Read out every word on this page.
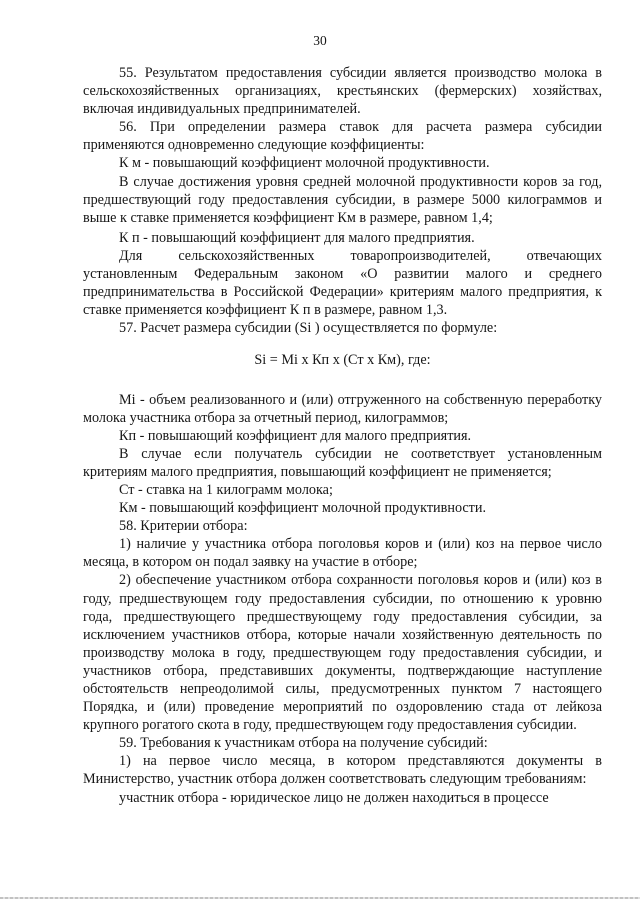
30

55. Результатом предоставления субсидии является производство молока в сельскохозяйственных организациях, крестьянских (фермерских) хозяйствах, включая индивидуальных предпринимателей.

56. При определении размера ставок для расчета размера субсидии применяются одновременно следующие коэффициенты:

К м - повышающий коэффициент молочной продуктивности.

В случае достижения уровня средней молочной продуктивности коров за год, предшествующий году предоставления субсидии, в размере 5000 килограммов и выше к ставке применяется коэффициент Км в размере, равном 1,4;

К п - повышающий коэффициент для малого предприятия.

Для сельскохозяйственных товаропроизводителей, отвечающих установленным Федеральным законом «О развитии малого и среднего предпринимательства в Российской Федерации» критериям малого предприятия, к ставке применяется коэффициент К п в размере, равном 1,3.

57. Расчет размера субсидии (Si ) осуществляется по формуле:

Si = Mi х Кп х (Ст х Км), где:

Мi - объем реализованного и (или) отгруженного на собственную переработку молока участника отбора за отчетный период, килограммов;

Кп - повышающий коэффициент для малого предприятия.

В случае если получатель субсидии не соответствует установленным критериям малого предприятия, повышающий коэффициент не применяется;

Ст - ставка на 1 килограмм молока;

Км - повышающий коэффициент молочной продуктивности.

58. Критерии отбора:

1) наличие у участника отбора поголовья коров и (или) коз на первое число месяца, в котором он подал заявку на участие в отборе;

2) обеспечение участником отбора сохранности поголовья коров и (или) коз в году, предшествующем году предоставления субсидии, по отношению к уровню года, предшествующего предшествующему году предоставления субсидии, за исключением участников отбора, которые начали хозяйственную деятельность по производству молока в году, предшествующем году предоставления субсидии, и участников отбора, представивших документы, подтверждающие наступление обстоятельств непреодолимой силы, предусмотренных пунктом 7 настоящего Порядка, и (или) проведение мероприятий по оздоровлению стада от лейкоза крупного рогатого скота в году, предшествующем году предоставления субсидии.

59. Требования к участникам отбора на получение субсидий:

1) на первое число месяца, в котором представляются документы в Министерство, участник отбора должен соответствовать следующим требованиям:

участник отбора - юридическое лицо не должен находиться в процессе
